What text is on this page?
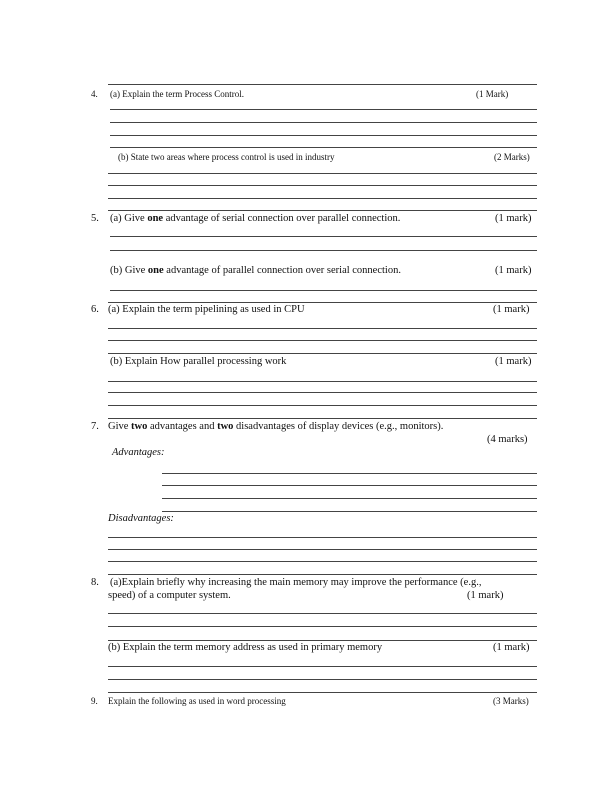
4. (a) Explain the term Process Control.	(1 Mark)
(b) State two areas where process control is used in industry	(2 Marks)
5. (a) Give one advantage of serial connection over parallel connection.	(1 mark)
(b) Give one advantage of parallel connection over serial connection.	(1 mark)
6. (a) Explain the term pipelining as used in CPU	(1 mark)
(b) Explain How parallel processing work	(1 mark)
7. Give two advantages and two disadvantages of display devices (e.g., monitors).
(4 marks)
Advantages:
Disadvantages:
8. (a)Explain briefly why increasing the main memory may improve the performance (e.g.,
speed) of a computer system.	(1 mark)
(b) Explain the term memory address as used in primary memory	(1 mark)
9. Explain the following as used in word processing	(3 Marks)
